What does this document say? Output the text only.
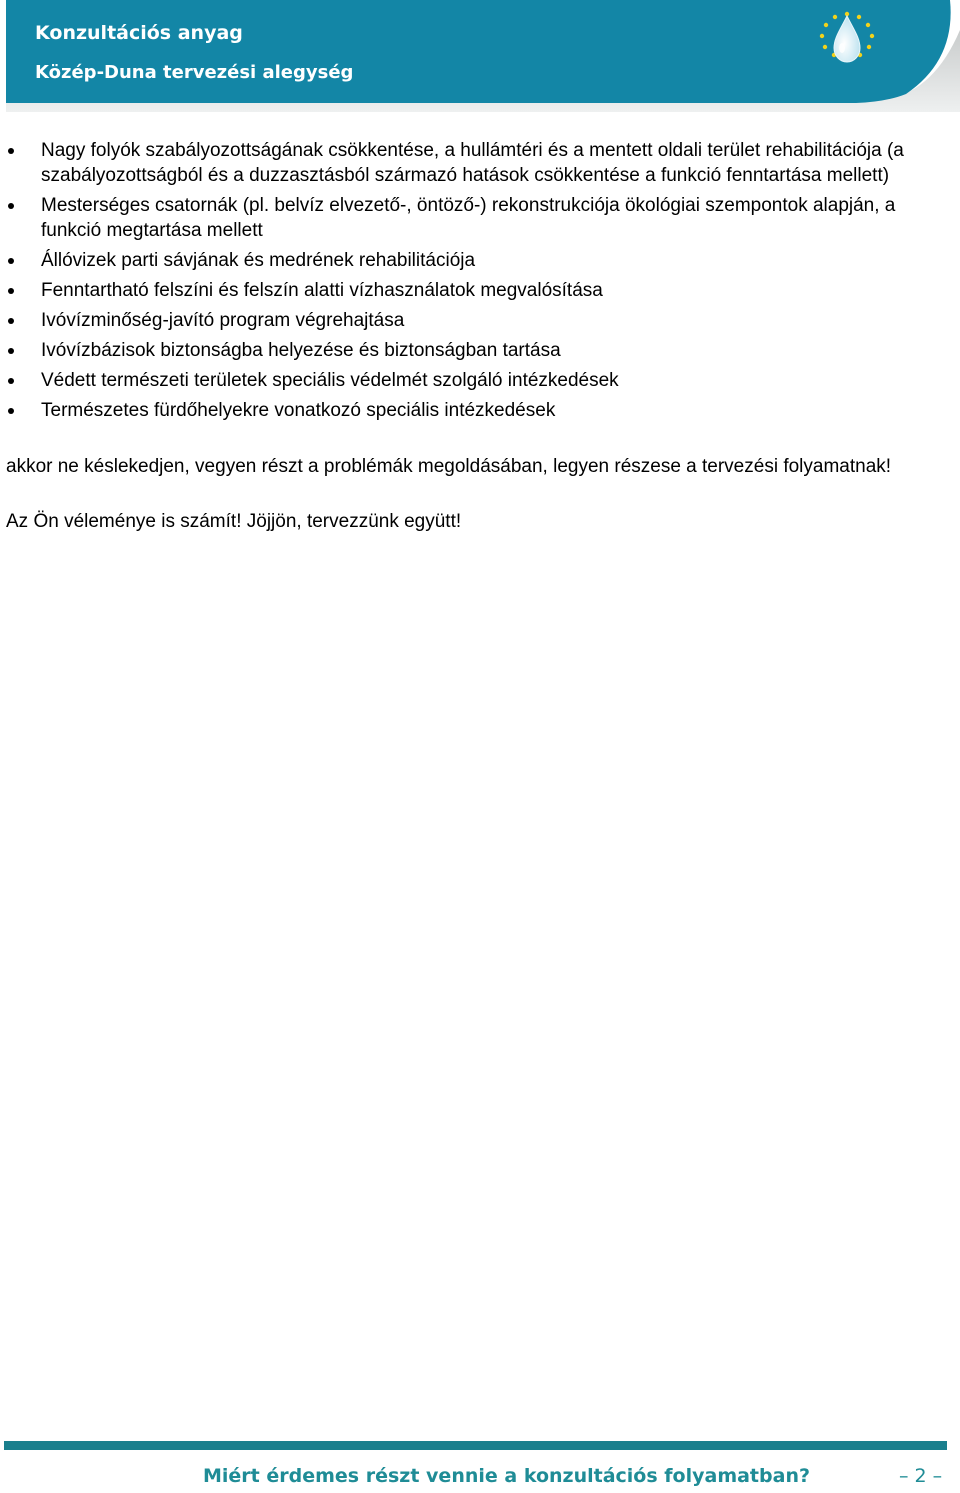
Konzultációs anyag
Közép-Duna tervezési alegység
Nagy folyók szabályozottságának csökkentése, a hullámtéri és a mentett oldali terület rehabilitációja (a szabályozottságból és a duzzasztásból származó hatások csökkentése a funkció fenntartása mellett)
Mesterséges csatornák (pl. belvíz elvezető-, öntöző-) rekonstrukciója ökológiai szempontok alapján, a funkció megtartása mellett
Állóvizek parti sávjának és medrének rehabilitációja
Fenntartható felszíni és felszín alatti vízhasználatok megvalósítása
Ivóvízminőség-javító program végrehajtása
Ivóvízbázisok biztonságba helyezése és biztonságban tartása
Védett természeti területek speciális védelmét szolgáló intézkedések
Természetes fürdőhelyekre vonatkozó speciális intézkedések

akkor ne késlekedjen, vegyen részt a problémák megoldásában, legyen részese a tervezési folyamatnak!

Az Ön véleménye is számít! Jöjjön, tervezzünk együtt!

Miért érdemes részt vennie a konzultációs folyamatban?	– 2 –
